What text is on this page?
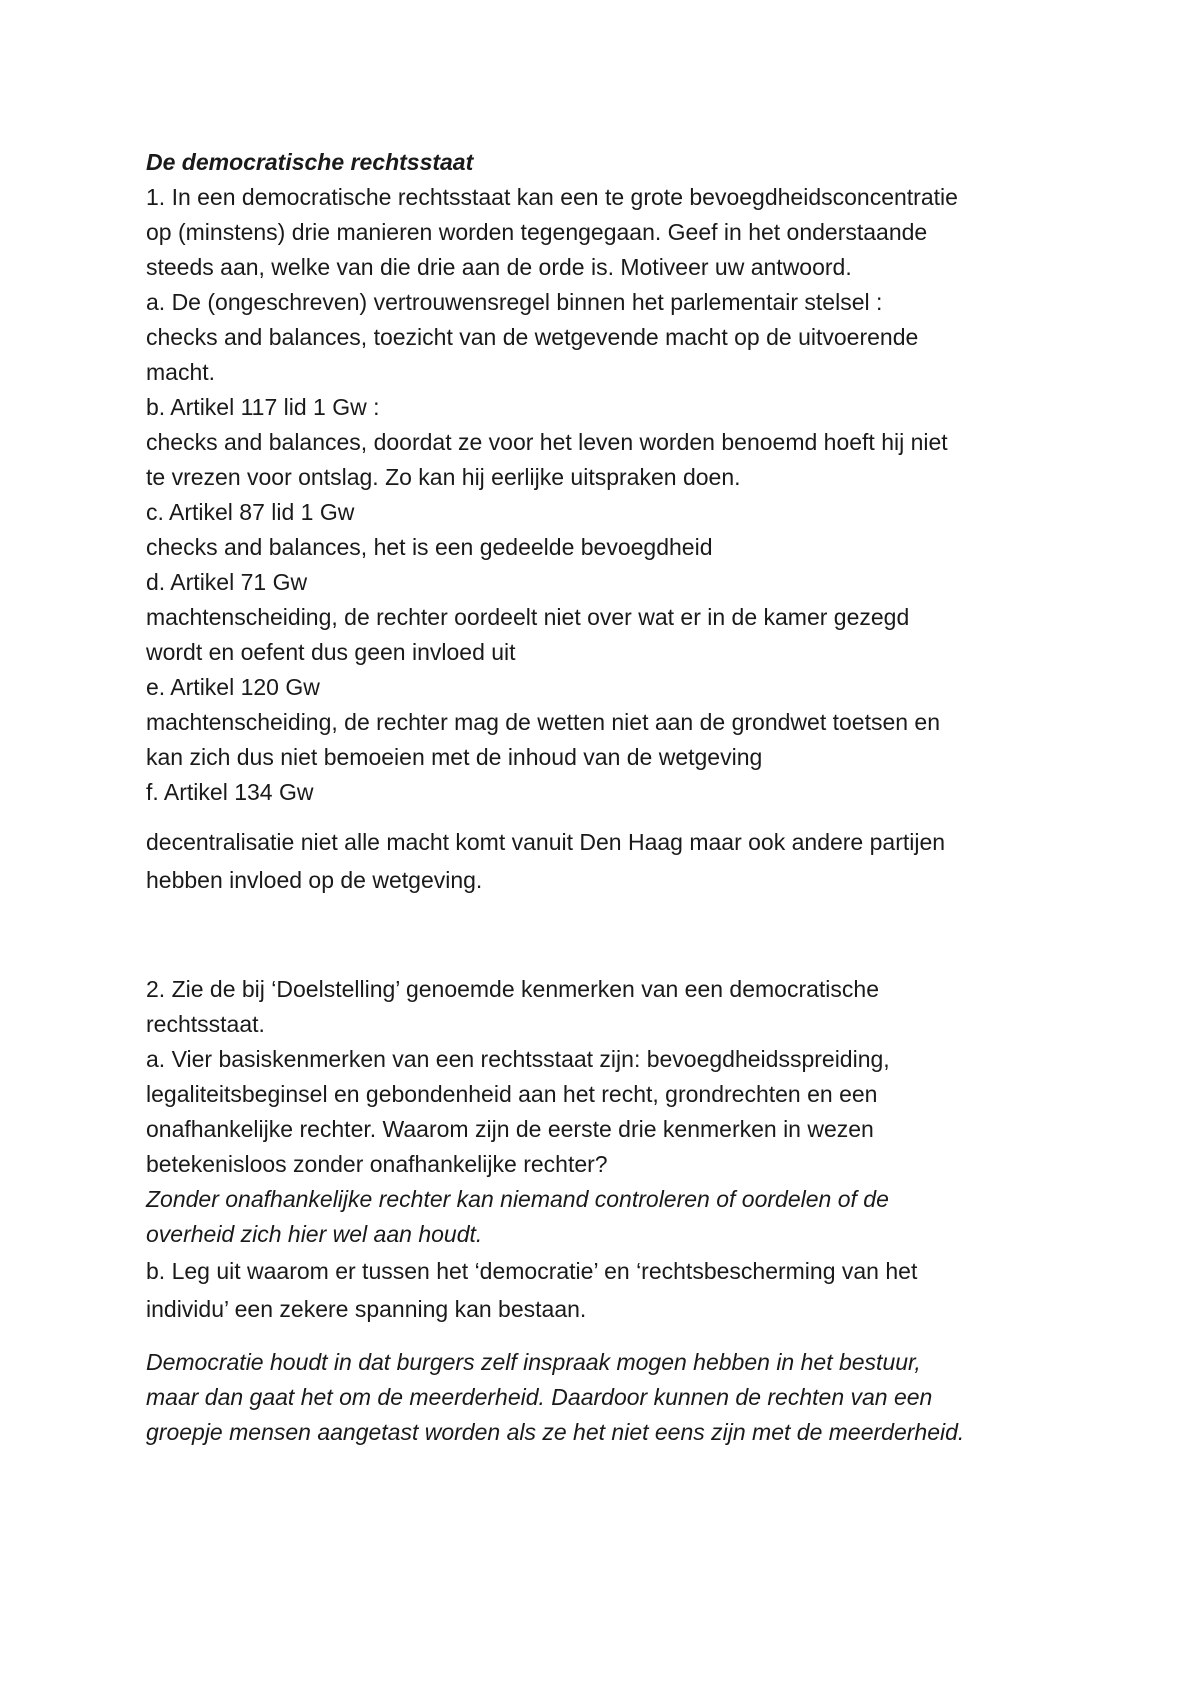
De democratische rechtsstaat
1. In een democratische rechtsstaat kan een te grote bevoegdheidsconcentratie
op (minstens) drie manieren worden tegengegaan. Geef in het onderstaande
steeds aan, welke van die drie aan de orde is. Motiveer uw antwoord.
a. De (ongeschreven) vertrouwensregel binnen het parlementair stelsel :
checks and balances, toezicht van de wetgevende macht op de uitvoerende
macht.
b. Artikel 117 lid 1 Gw :
checks and balances, doordat ze voor het leven worden benoemd hoeft hij niet
te vrezen voor ontslag. Zo kan hij eerlijke uitspraken doen.
c. Artikel 87 lid 1 Gw
checks and balances, het is een gedeelde bevoegdheid
d. Artikel 71 Gw
machtenscheiding, de rechter oordeelt niet over wat er in de kamer gezegd
wordt en oefent dus geen invloed uit
e. Artikel 120 Gw
machtenscheiding, de rechter mag de wetten niet aan de grondwet toetsen en
kan zich dus niet bemoeien met de inhoud van de wetgeving
f. Artikel 134 Gw
decentralisatie niet alle macht komt vanuit Den Haag maar ook andere partijen
hebben invloed op de wetgeving.
2. Zie de bij ‘Doelstelling’ genoemde kenmerken van een democratische
rechtsstaat.
a. Vier basiskenmerken van een rechtsstaat zijn: bevoegdheidsspreiding,
legaliteitsbeginsel en gebondenheid aan het recht, grondrechten en een
onafhankelijke rechter. Waarom zijn de eerste drie kenmerken in wezen
betekenisloos zonder onafhankelijke rechter?
Zonder onafhankelijke rechter kan niemand controleren of oordelen of de
overheid zich hier wel aan houdt.
b. Leg uit waarom er tussen het ‘democratie’ en ‘rechtsbescherming van het
individu’ een zekere spanning kan bestaan.
Democratie houdt in dat burgers zelf inspraak mogen hebben in het bestuur,
maar dan gaat het om de meerderheid. Daardoor kunnen de rechten van een
groepje mensen aangetast worden als ze het niet eens zijn met de meerderheid.
